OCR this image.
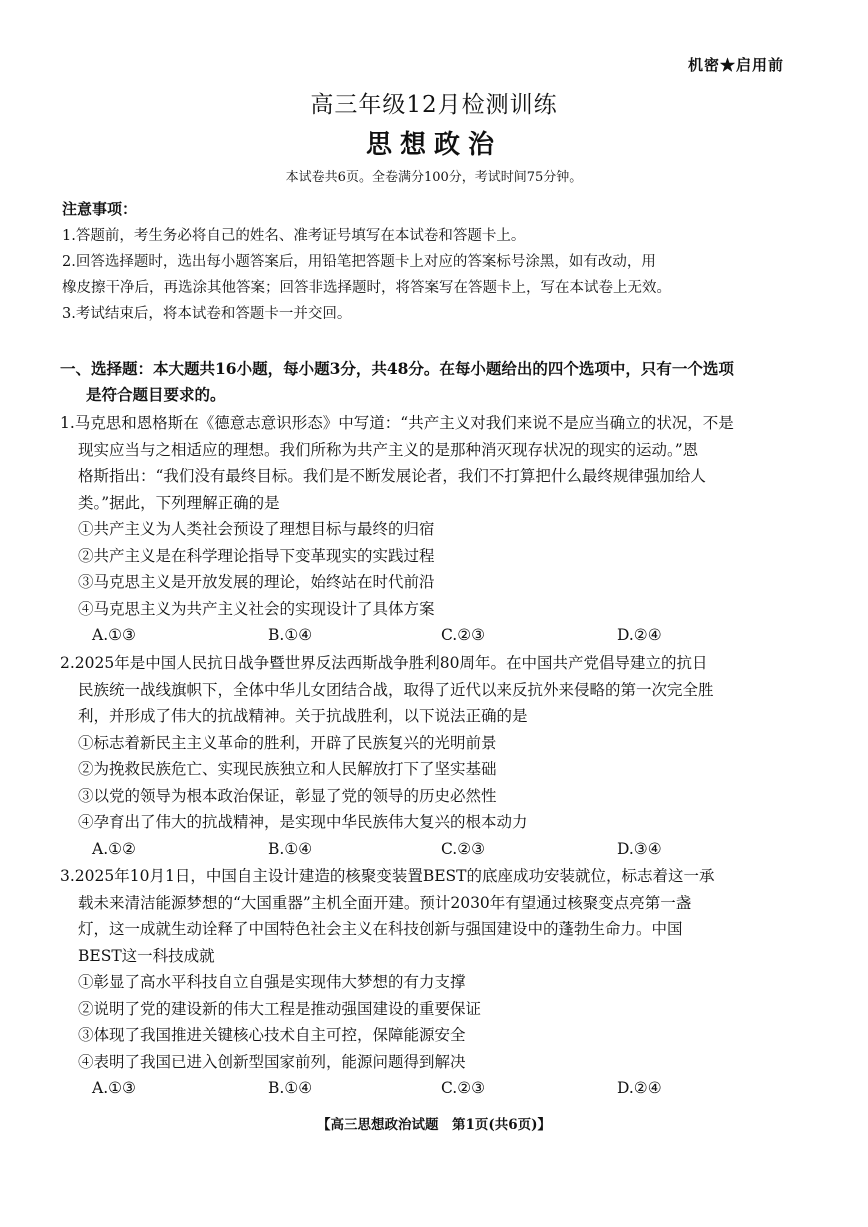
机密★启用前
高三年级12月检测训练
思想政治
本试卷共6页。全卷满分100分，考试时间75分钟。
注意事项：
1.答题前，考生务必将自己的姓名、准考证号填写在本试卷和答题卡上。
2.回答选择题时，选出每小题答案后，用铅笔把答题卡上对应的答案标号涂黑，如有改动，用
橡皮擦干净后，再选涂其他答案；回答非选择题时，将答案写在答题卡上，写在本试卷上无效。
3.考试结束后，将本试卷和答题卡一并交回。
一、选择题：本大题共16小题，每小题3分，共48分。在每小题给出的四个选项中，只有一个选项
是符合题目要求的。
1.马克思和恩格斯在《德意志意识形态》中写道：“共产主义对我们来说不是应当确立的状况，不是
现实应当与之相适应的理想。我们所称为共产主义的是那种消灭现存状况的现实的运动。”恩
格斯指出：“我们没有最终目标。我们是不断发展论者，我们不打算把什么最终规律强加给人
类。”据此，下列理解正确的是
①共产主义为人类社会预设了理想目标与最终的归宿
②共产主义是在科学理论指导下变革现实的实践过程
③马克思主义是开放发展的理论，始终站在时代前沿
④马克思主义为共产主义社会的实现设计了具体方案
A.①③	B.①④	C.②③	D.②④
2.2025年是中国人民抗日战争暨世界反法西斯战争胜利80周年。在中国共产党倡导建立的抗日
民族统一战线旗帜下，全体中华儿女团结合战，取得了近代以来反抗外来侵略的第一次完全胜
利，并形成了伟大的抗战精神。关于抗战胜利，以下说法正确的是
①标志着新民主主义革命的胜利，开辟了民族复兴的光明前景
②为挽救民族危亡、实现民族独立和人民解放打下了坚实基础
③以党的领导为根本政治保证，彰显了党的领导的历史必然性
④孕育出了伟大的抗战精神，是实现中华民族伟大复兴的根本动力
A.①②	B.①④	C.②③	D.③④
3.2025年10月1日，中国自主设计建造的核聚变装置BEST的底座成功安装就位，标志着这一承
载未来清洁能源梦想的“大国重器”主机全面开建。预计2030年有望通过核聚变点亮第一盏
灯，这一成就生动诠释了中国特色社会主义在科技创新与强国建设中的蓬勃生命力。中国
BEST这一科技成就
①彰显了高水平科技自立自强是实现伟大梦想的有力支撑
②说明了党的建设新的伟大工程是推动强国建设的重要保证
③体现了我国推进关键核心技术自主可控，保障能源安全
④表明了我国已进入创新型国家前列，能源问题得到解决
A.①③	B.①④	C.②③	D.②④
【高三思想政治试题　第1页(共6页)】
